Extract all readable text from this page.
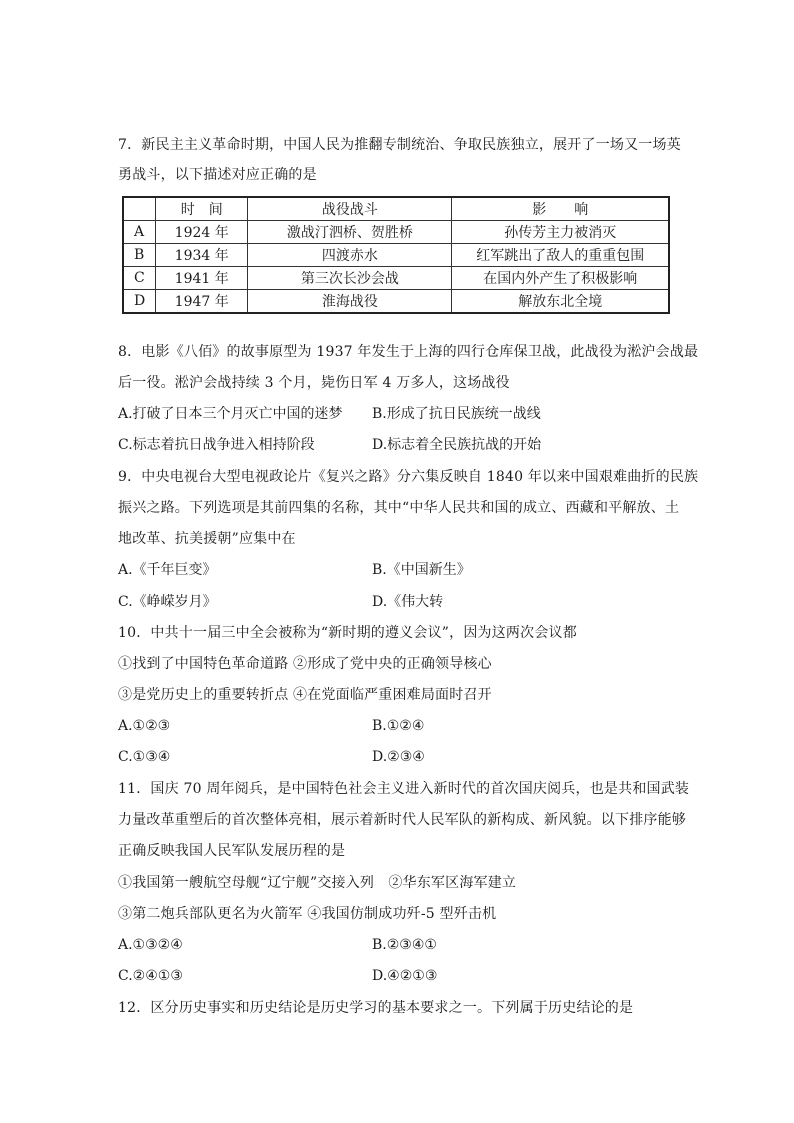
7．新民主主义革命时期，中国人民为推翻专制统治、争取民族独立，展开了一场又一场英
勇战斗，以下描述对应正确的是
	时　间	战役战斗	影　　响
A	1924 年	激战汀泗桥、贺胜桥	孙传芳主力被消灭
B	1934 年	四渡赤水	红军跳出了敌人的重重包围
C	1941 年	第三次长沙会战	在国内外产生了积极影响
D	1947 年	淮海战役	解放东北全境
8．电影《八佰》的故事原型为 1937 年发生于上海的四行仓库保卫战，此战役为淞沪会战最
后一役。淞沪会战持续 3 个月，毙伤日军 4 万多人，这场战役
A.打破了日本三个月灭亡中国的迷梦 B.形成了抗日民族统一战线
C.标志着抗日战争进入相持阶段	D.标志着全民族抗战的开始
9．中央电视台大型电视政论片《复兴之路》分六集反映自 1840 年以来中国艰难曲折的民族
振兴之路。下列选项是其前四集的名称，其中“中华人民共和国的成立、西藏和平解放、土
地改革、抗美援朝”应集中在
A.《千年巨变》	B.《中国新生》
C.《峥嵘岁月》	D.《伟大转
10．中共十一届三中全会被称为“新时期的遵义会议”，因为这两次会议都
①找到了中国特色革命道路 ②形成了党中央的正确领导核心
③是党历史上的重要转折点 ④在党面临严重困难局面时召开
A.①②③	B.①②④
C.①③④	D.②③④
11．国庆 70 周年阅兵，是中国特色社会主义进入新时代的首次国庆阅兵，也是共和国武装
力量改革重塑后的首次整体亮相，展示着新时代人民军队的新构成、新风貌。以下排序能够
正确反映我国人民军队发展历程的是
①我国第一艘航空母舰“辽宁舰”交接入列　②华东军区海军建立
③第二炮兵部队更名为火箭军 ④我国仿制成功歼-5 型歼击机
A.①③②④	B.②③④①
C.②④①③	D.④②①③
12．区分历史事实和历史结论是历史学习的基本要求之一。下列属于历史结论的是
